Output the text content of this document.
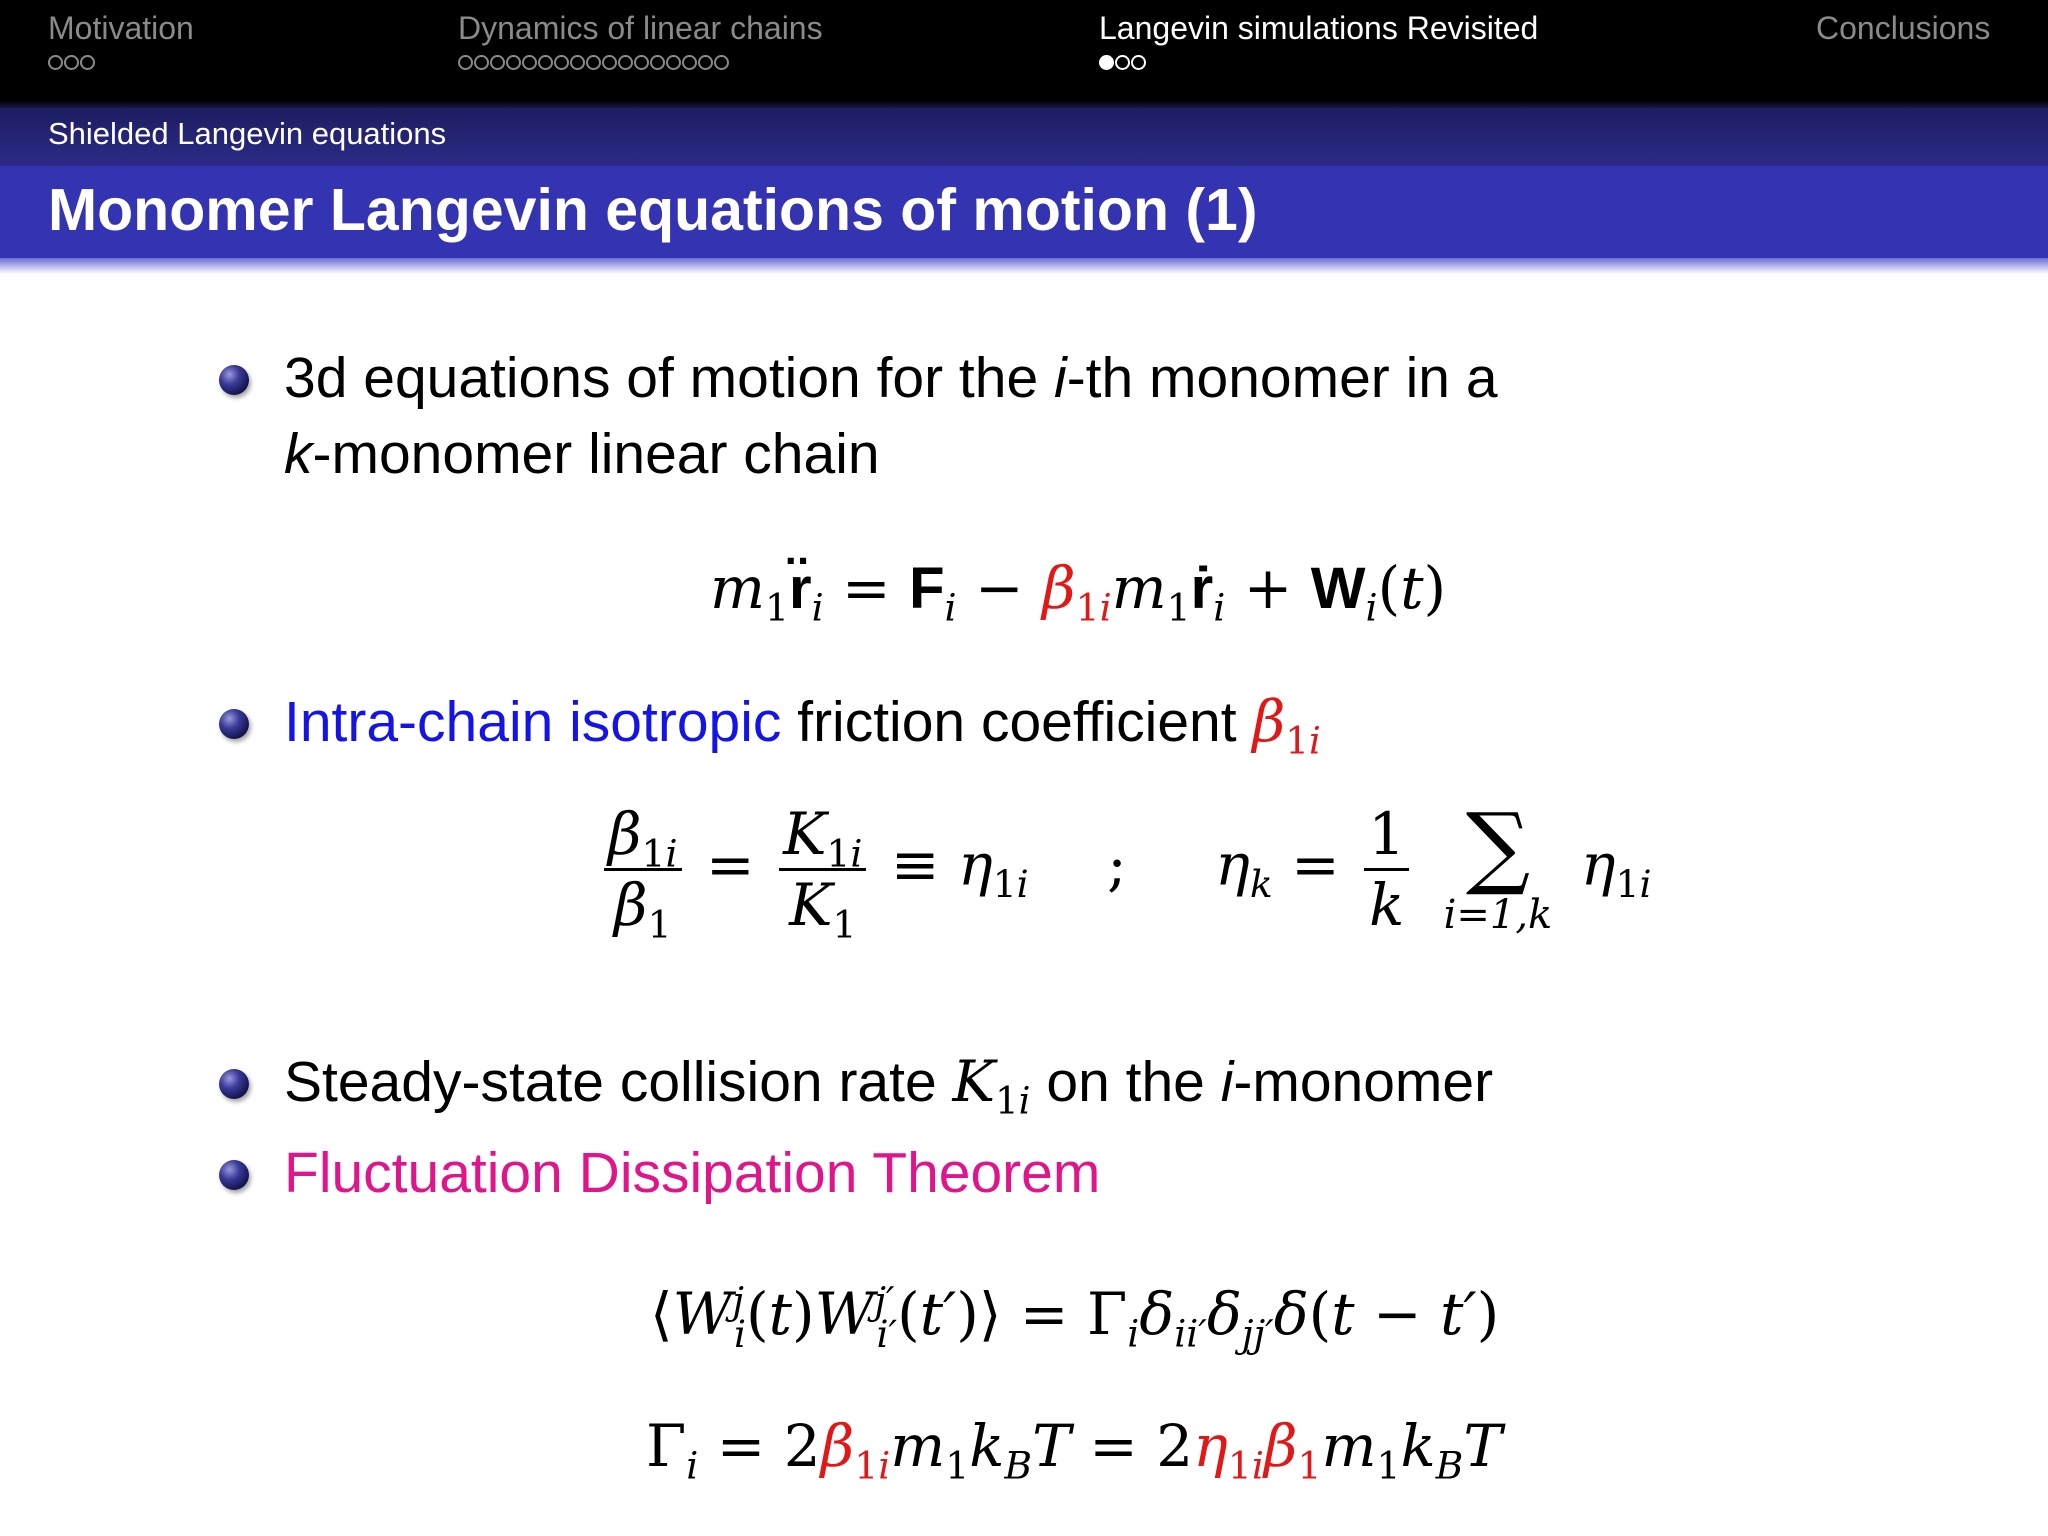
Motivation	Dynamics of linear chains	Langevin simulations Revisited	Conclusions
Shielded Langevin equations
Monomer Langevin equations of motion (1)
3d equations of motion for the i-th monomer in a
k-monomer linear chain
$m_1r̈_i = F_i$ − $\beta_{1i}m_1ṙ_i + W_i(t)$
Intra-chain isotropic friction coefficient $\beta_{1i}$
$\frac{\beta_{1i}}{\beta_1} = \frac{K_{1i}}{K_1} \equiv \eta_{1i}$ ; $\eta_k = \frac{1}{k}$
∑
i=1,k
$\eta_{1i}$
Steady-state collision rate $K_{1i}$ on the i-monomer
Fluctuation Dissipation Theorem
$⟨W^j_i(t)W^{j'}_{i'}(t')⟩ = \Gamma_i\delta_{ii'}\delta_{jj'}\delta(t - t')$
$\Gamma_i = 2\beta_{1i}m_1k_BT = 2\eta_{1i}\beta_1m_1k_BT$
